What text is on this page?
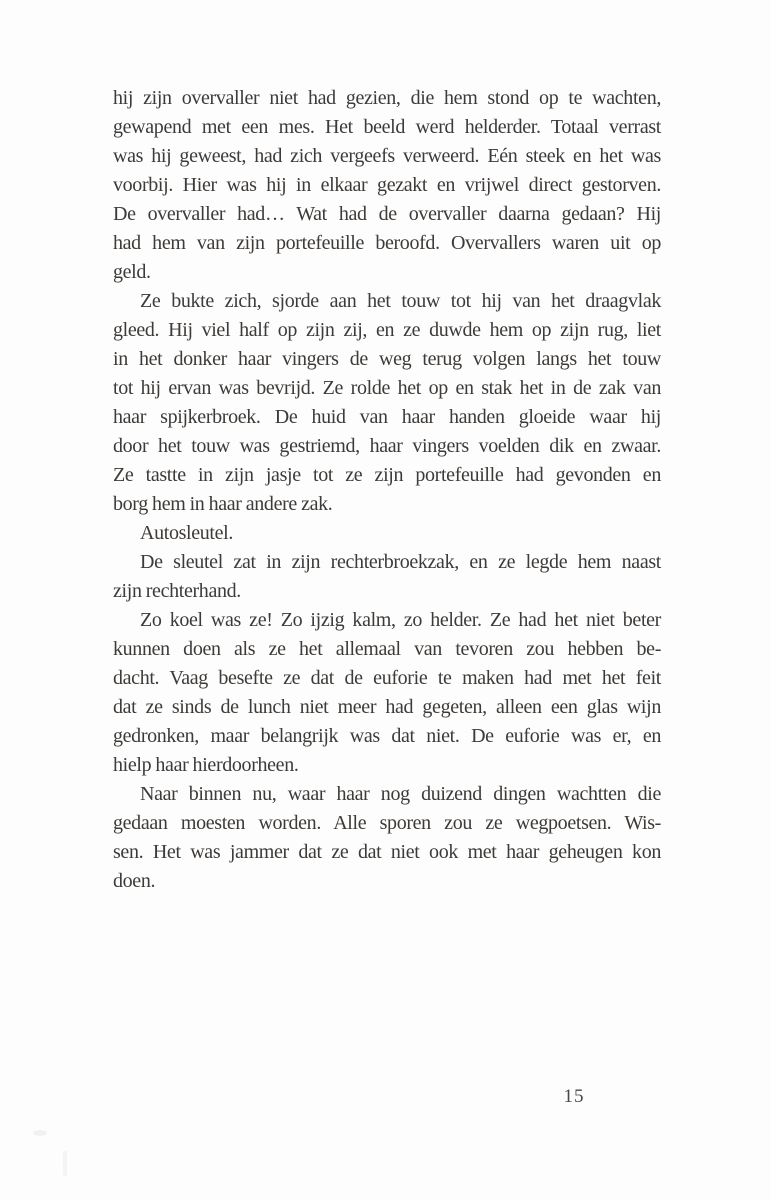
hij zijn overvaller niet had gezien, die hem stond op te wachten,
gewapend met een mes. Het beeld werd helderder. Totaal verrast
was hij geweest, had zich vergeefs verweerd. Eén steek en het was
voorbij. Hier was hij in elkaar gezakt en vrijwel direct gestorven.
De overvaller had… Wat had de overvaller daarna gedaan? Hij
had hem van zijn portefeuille beroofd. Overvallers waren uit op
geld.
Ze bukte zich, sjorde aan het touw tot hij van het draagvlak
gleed. Hij viel half op zijn zij, en ze duwde hem op zijn rug, liet
in het donker haar vingers de weg terug volgen langs het touw
tot hij ervan was bevrijd. Ze rolde het op en stak het in de zak van
haar spijkerbroek. De huid van haar handen gloeide waar hij
door het touw was gestriemd, haar vingers voelden dik en zwaar.
Ze tastte in zijn jasje tot ze zijn portefeuille had gevonden en
borg hem in haar andere zak.
Autosleutel.
De sleutel zat in zijn rechterbroekzak, en ze legde hem naast
zijn rechterhand.
Zo koel was ze! Zo ijzig kalm, zo helder. Ze had het niet beter
kunnen doen als ze het allemaal van tevoren zou hebben be-
dacht. Vaag besefte ze dat de euforie te maken had met het feit
dat ze sinds de lunch niet meer had gegeten, alleen een glas wijn
gedronken, maar belangrijk was dat niet. De euforie was er, en
hielp haar hierdoorheen.
Naar binnen nu, waar haar nog duizend dingen wachtten die
gedaan moesten worden. Alle sporen zou ze wegpoetsen. Wis-
sen. Het was jammer dat ze dat niet ook met haar geheugen kon
doen.
15
